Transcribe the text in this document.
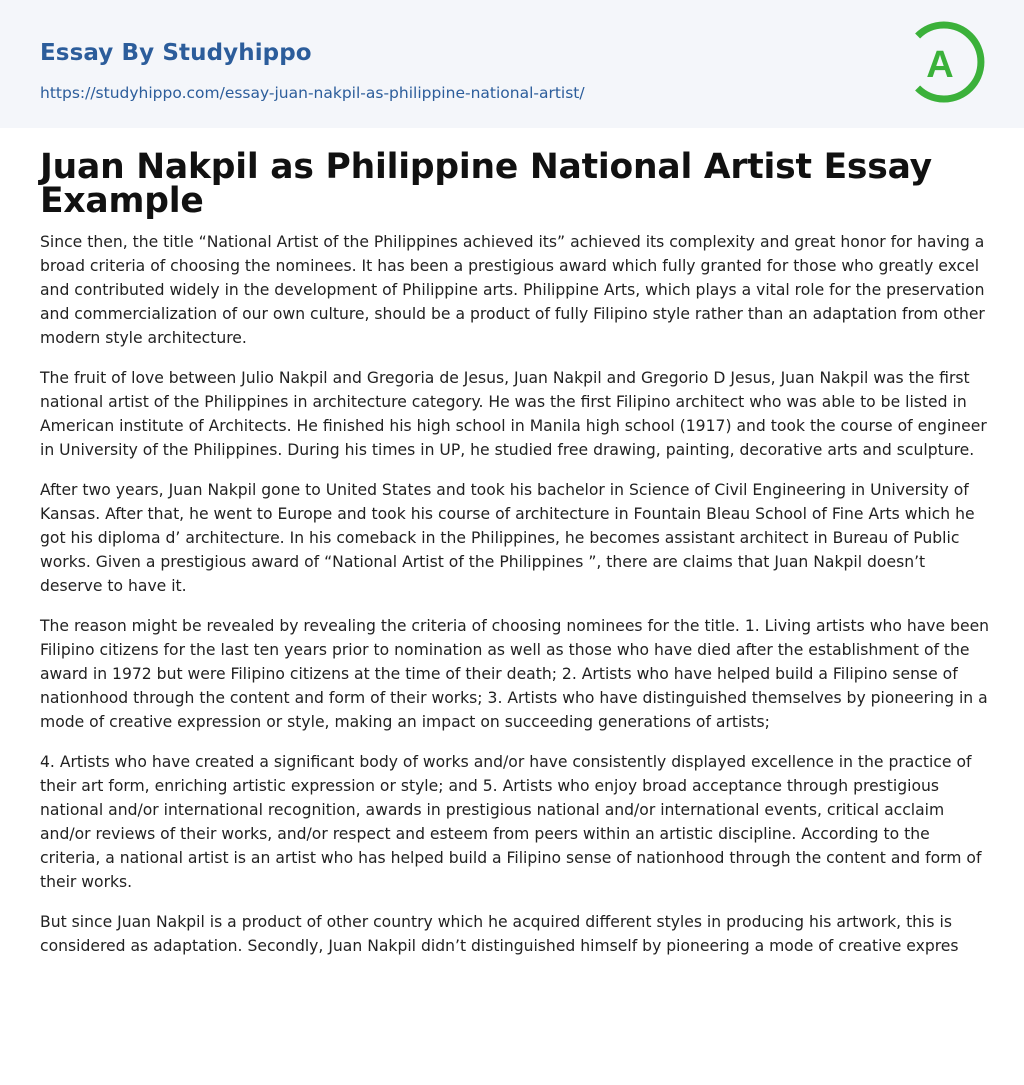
Essay By Studyhippo
https://studyhippo.com/essay-juan-nakpil-as-philippine-national-artist/
A
Juan Nakpil as Philippine National Artist Essay Example

Since then, the title “National Artist of the Philippines achieved its” achieved its complexity and great honor for having a broad criteria of choosing the nominees. It has been a prestigious award which fully granted for those who greatly excel and contributed widely in the development of Philippine arts. Philippine Arts, which plays a vital role for the preservation and commercialization of our own culture, should be a product of fully Filipino style rather than an adaptation from other modern style architecture.

The fruit of love between Julio Nakpil and Gregoria de Jesus, Juan Nakpil and Gregorio D Jesus, Juan Nakpil was the first national artist of the Philippines in architecture category. He was the first Filipino architect who was able to be listed in American institute of Architects. He finished his high school in Manila high school (1917) and took the course of engineer in University of the Philippines. During his times in UP, he studied free drawing, painting, decorative arts and sculpture.

After two years, Juan Nakpil gone to United States and took his bachelor in Science of Civil Engineering in University of Kansas. After that, he went to Europe and took his course of architecture in Fountain Bleau School of Fine Arts which he got his diploma d’ architecture. In his comeback in the Philippines, he becomes assistant architect in Bureau of Public works. Given a prestigious award of “National Artist of the Philippines ”, there are claims that Juan Nakpil doesn’t deserve to have it.

The reason might be revealed by revealing the criteria of choosing nominees for the title. 1. Living artists who have been Filipino citizens for the last ten years prior to nomination as well as those who have died after the establishment of the award in 1972 but were Filipino citizens at the time of their death; 2. Artists who have helped build a Filipino sense of nationhood through the content and form of their works; 3. Artists who have distinguished themselves by pioneering in a mode of creative expression or style, making an impact on succeeding generations of artists;

4. Artists who have created a significant body of works and/or have consistently displayed excellence in the practice of their art form, enriching artistic expression or style; and 5. Artists who enjoy broad acceptance through prestigious national and/or international recognition, awards in prestigious national and/or international events, critical acclaim and/or reviews of their works, and/or respect and esteem from peers within an artistic discipline. According to the criteria, a national artist is an artist who has helped build a Filipino sense of nationhood through the content and form of their works.

But since Juan Nakpil is a product of other country which he acquired different styles in producing his artwork, this is considered as adaptation. Secondly, Juan Nakpil didn’t distinguished himself by pioneering a mode of creative expres
